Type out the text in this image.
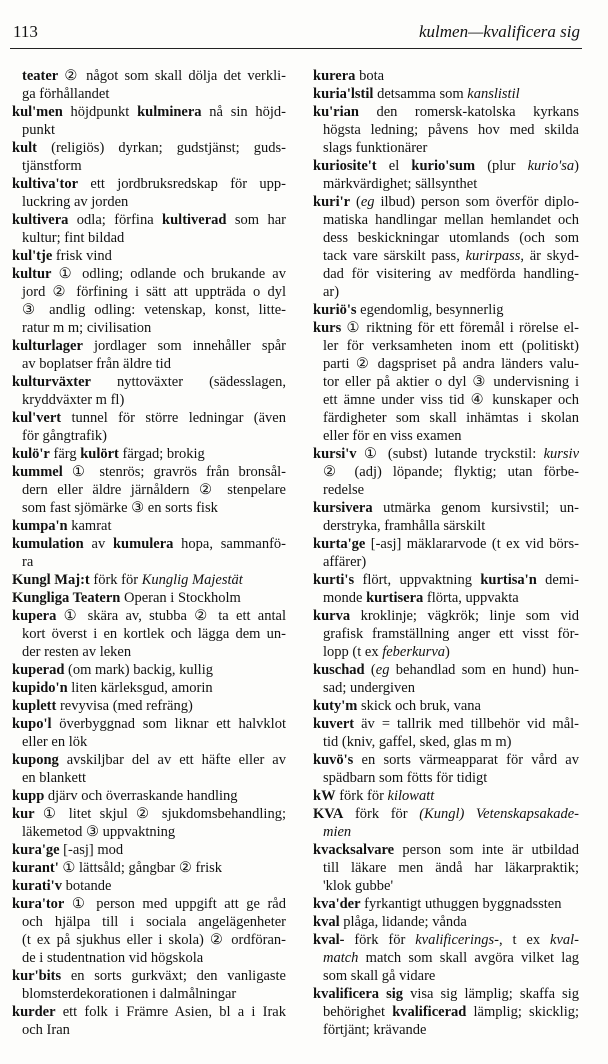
113	kulmen—kvalificera sig
teater ② något som skall dölja det verkli-
ga förhållandet
kul'men höjdpunkt kulminera nå sin höjd-
punkt
kult (religiös) dyrkan; gudstjänst; guds-
tjänstform
kultiva'tor ett jordbruksredskap för upp-
luckring av jorden
kultivera odla; förfina kultiverad som har
kultur; fint bildad
kul'tje frisk vind
kultur ① odling; odlande och brukande av
jord ② förfining i sätt att uppträda o dyl
③ andlig odling: vetenskap, konst, litte-
ratur m m; civilisation
kulturlager jordlager som innehåller spår
av boplatser från äldre tid
kulturväxter nyttoväxter (sädesslagen,
kryddväxter m fl)
kul'vert tunnel för större ledningar (även
för gångtrafik)
kulö'r färg kulört färgad; brokig
kummel ① stenrös; gravrös från bronsål-
dern eller äldre järnåldern ② stenpelare
som fast sjömärke ③ en sorts fisk
kumpa'n kamrat
kumulation av kumulera hopa, sammanfö-
ra
Kungl Maj:t förk för Kunglig Majestät
Kungliga Teatern Operan i Stockholm
kupera ① skära av, stubba ② ta ett antal
kort överst i en kortlek och lägga dem un-
der resten av leken
kuperad (om mark) backig, kullig
kupido'n liten kärleksgud, amorin
kuplett revyvisa (med refräng)
kupo'l överbyggnad som liknar ett halvklot
eller en lök
kupong avskiljbar del av ett häfte eller av
en blankett
kupp djärv och överraskande handling
kur ① litet skjul ② sjukdomsbehandling;
läkemetod ③ uppvaktning
kura'ge [-asj] mod
kurant' ① lättsåld; gångbar ② frisk
kurati'v botande
kura'tor ① person med uppgift att ge råd
och hjälpa till i sociala angelägenheter
(t ex på sjukhus eller i skola) ② ordföran-
de i studentnation vid högskola
kur'bits en sorts gurkväxt; den vanligaste
blomsterdekorationen i dalmålningar
kurder ett folk i Främre Asien, bl a i Irak
och Iran
kurera bota
kuria'lstil detsamma som kanslistil
ku'rian den romersk-katolska kyrkans
högsta ledning; påvens hov med skilda
slags funktionärer
kuriosite't el kurio'sum (plur kurio'sa)
märkvärdighet; sällsynthet
kuri'r (eg ilbud) person som överför diplo-
matiska handlingar mellan hemlandet och
dess beskickningar utomlands (och som
tack vare särskilt pass, kurirpass, är skyd-
dad för visitering av medförda handling-
ar)
kuriö's egendomlig, besynnerlig
kurs ① riktning för ett föremål i rörelse el-
ler för verksamheten inom ett (politiskt)
parti ② dagspriset på andra länders valu-
tor eller på aktier o dyl ③ undervisning i
ett ämne under viss tid ④ kunskaper och
färdigheter som skall inhämtas i skolan
eller för en viss examen
kursi'v ① (subst) lutande tryckstil: kursiv
② (adj) löpande; flyktig; utan förbe-
redelse
kursivera utmärka genom kursivstil; un-
derstryka, framhålla särskilt
kurta'ge [-asj] mäklararvode (t ex vid börs-
affärer)
kurti's flört, uppvaktning kurtisa'n demi-
monde kurtisera flörta, uppvakta
kurva kroklinje; vägkrök; linje som vid
grafisk framställning anger ett visst för-
lopp (t ex feberkurva)
kuschad (eg behandlad som en hund) hun-
sad; undergiven
kuty'm skick och bruk, vana
kuvert äv = tallrik med tillbehör vid mål-
tid (kniv, gaffel, sked, glas m m)
kuvö's en sorts värmeapparat för vård av
spädbarn som fötts för tidigt
kW förk för kilowatt
KVA förk för (Kungl) Vetenskapsakade-
mien
kvacksalvare person som inte är utbildad
till läkare men ändå har läkarpraktik;
'klok gubbe'
kva'der fyrkantigt uthuggen byggnadssten
kval plåga, lidande; vånda
kval- förk för kvalificerings-, t ex kval-
match match som skall avgöra vilket lag
som skall gå vidare
kvalificera sig visa sig lämplig; skaffa sig
behörighet kvalificerad lämplig; skicklig;
förtjänt; krävande
